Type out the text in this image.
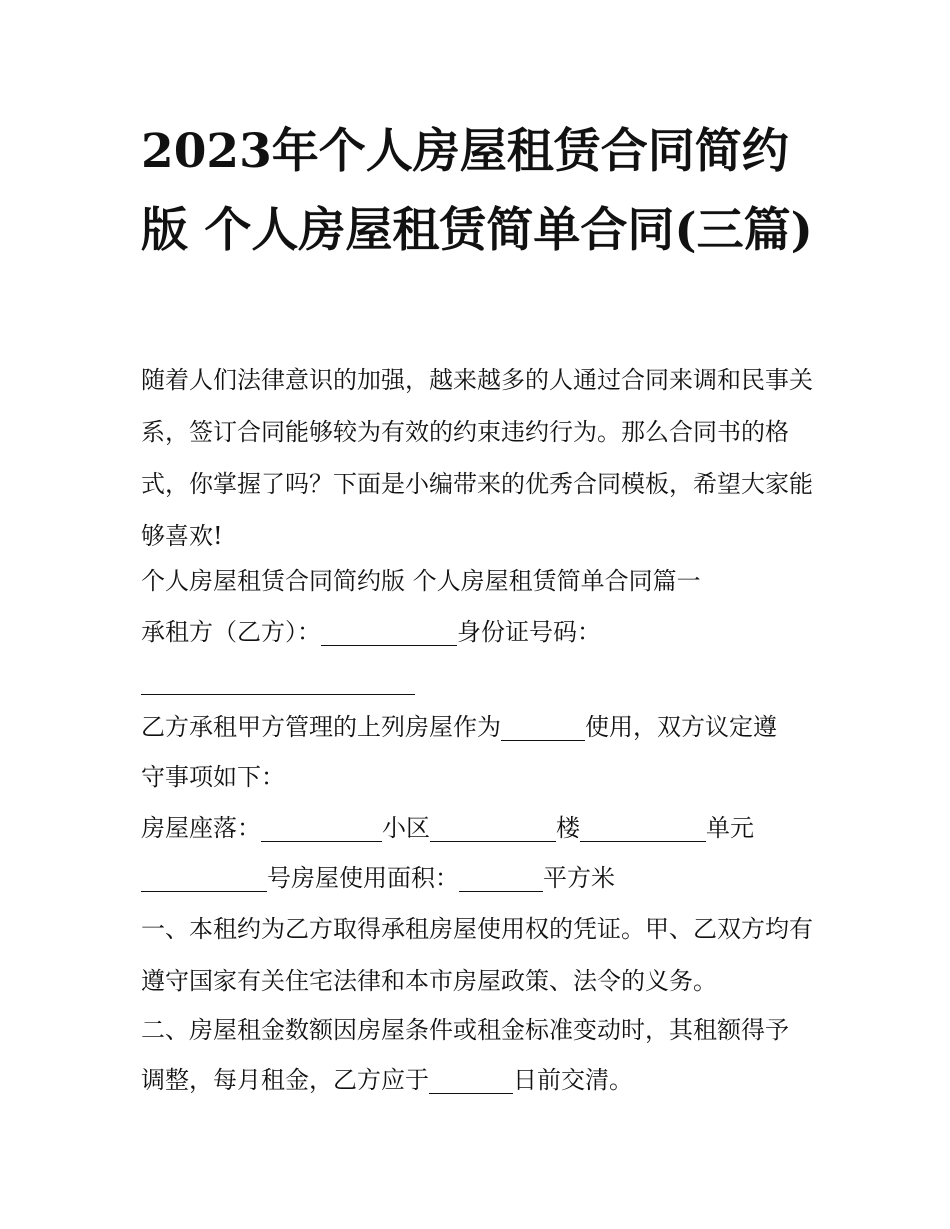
2023年个人房屋租赁合同简约版 个人房屋租赁简单合同(三篇)

随着人们法律意识的加强，越来越多的人通过合同来调和民事关系，签订合同能够较为有效的约束违约行为。那么合同书的格式，你掌握了吗？下面是小编带来的优秀合同模板，希望大家能够喜欢!

个人房屋租赁合同简约版 个人房屋租赁简单合同篇一

承租方（乙方）：	身份证号码：

乙方承租甲方管理的上列房屋作为	使用，双方议定遵

守事项如下：

房屋座落：	小区	楼	单元

号房屋使用面积：	平方米

一、本租约为乙方取得承租房屋使用权的凭证。甲、乙双方均有遵守国家有关住宅法律和本市房屋政策、法令的义务。

二、房屋租金数额因房屋条件或租金标准变动时，其租额得予

调整，每月租金，乙方应于	日前交清。
